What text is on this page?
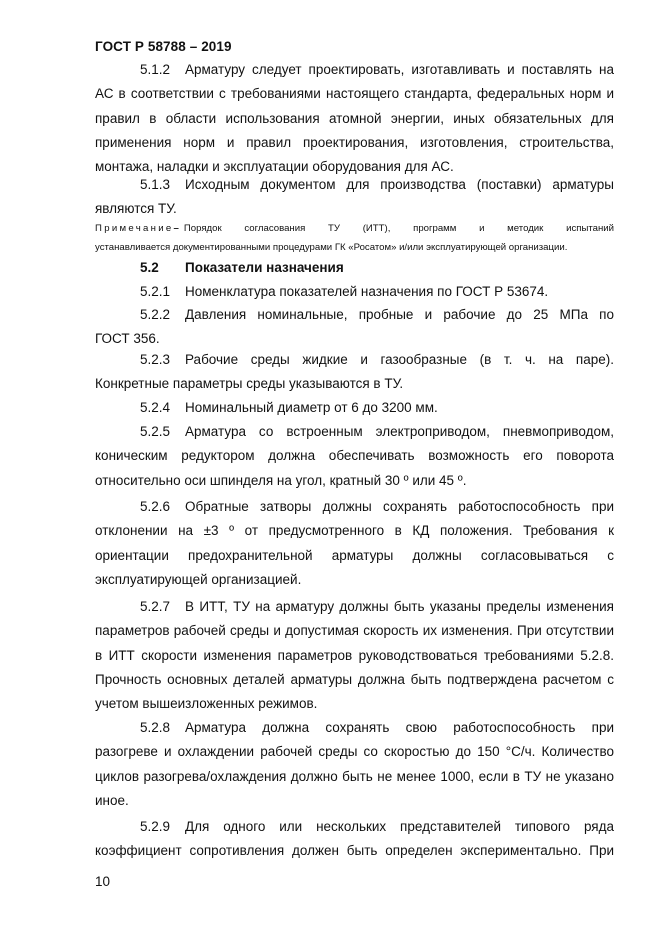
ГОСТ Р 58788 – 2019
5.1.2 Арматуру следует проектировать, изготавливать и поставлять на
АС в соответствии с требованиями настоящего стандарта, федеральных норм и
правил в области использования атомной энергии, иных обязательных для
применения норм и правил проектирования, изготовления, строительства,
монтажа, наладки и эксплуатации оборудования для АС.
5.1.3 Исходным документом для производства (поставки) арматуры
являются ТУ.
Примечание– Порядок согласования ТУ (ИТТ), программ и методик испытаний
устанавливается документированными процедурами ГК «Росатом» и/или эксплуатирующей организации.
5.2 Показатели назначения
5.2.1 Номенклатура показателей назначения по ГОСТ Р 53674.
5.2.2 Давления номинальные, пробные и рабочие до 25 МПа по
ГОСТ 356.
5.2.3 Рабочие среды жидкие и газообразные (в т. ч. на паре).
Конкретные параметры среды указываются в ТУ.
5.2.4 Номинальный диаметр от 6 до 3200 мм.
5.2.5 Арматура со встроенным электроприводом, пневмоприводом,
коническим редуктором должна обеспечивать возможность его поворота
относительно оси шпинделя на угол, кратный 30 º или 45 º.
5.2.6 Обратные затворы должны сохранять работоспособность при
отклонении на ±3 º от предусмотренного в КД положения. Требования к
ориентации предохранительной арматуры должны согласовываться с
эксплуатирующей организацией.
5.2.7 В ИТТ, ТУ на арматуру должны быть указаны пределы изменения
параметров рабочей среды и допустимая скорость их изменения. При отсутствии
в ИТТ скорости изменения параметров руководствоваться требованиями 5.2.8.
Прочность основных деталей арматуры должна быть подтверждена расчетом с
учетом вышеизложенных режимов.
5.2.8 Арматура должна сохранять свою работоспособность при
разогреве и охлаждении рабочей среды со скоростью до 150 °С/ч. Количество
циклов разогрева/охлаждения должно быть не менее 1000, если в ТУ не указано
иное.
5.2.9 Для одного или нескольких представителей типового ряда
коэффициент сопротивления должен быть определен экспериментально. При
10
